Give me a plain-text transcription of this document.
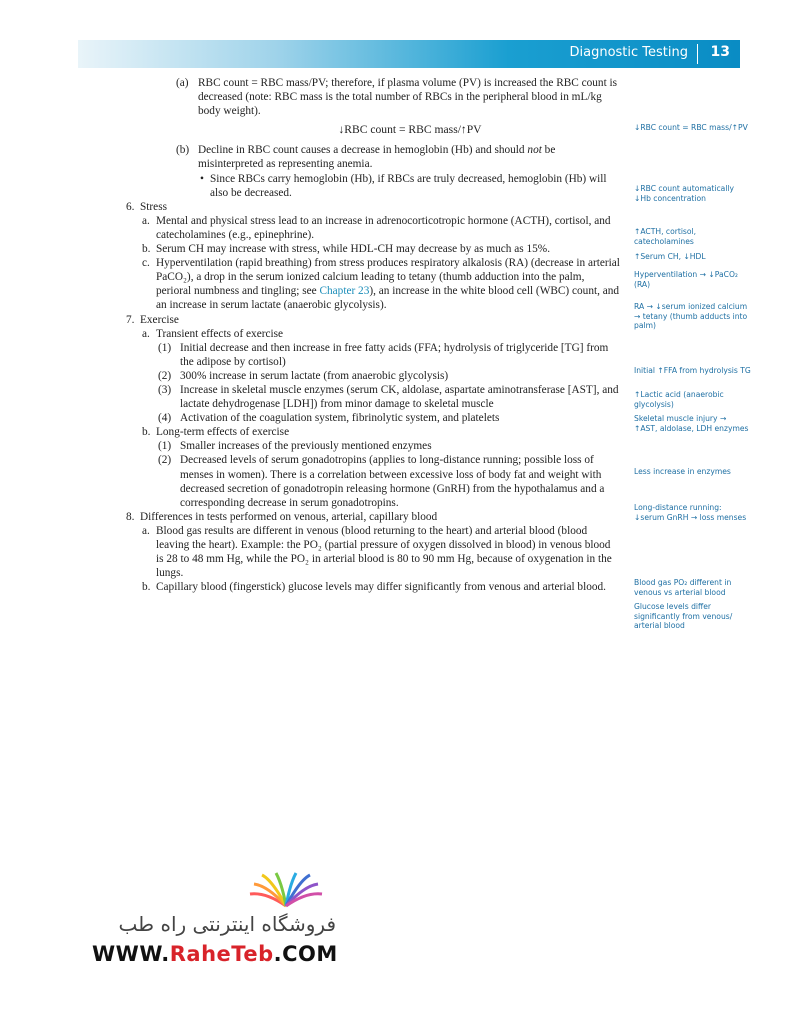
Diagnostic Testing 13
(a) RBC count = RBC mass/PV; therefore, if plasma volume (PV) is increased the RBC count is decreased (note: RBC mass is the total number of RBCs in the peripheral blood in mL/kg body weight).
↓RBC count = RBC mass/↑PV
(b) Decline in RBC count causes a decrease in hemoglobin (Hb) and should not be misinterpreted as representing anemia.
• Since RBCs carry hemoglobin (Hb), if RBCs are truly decreased, hemoglobin (Hb) will also be decreased.
6. Stress
a. Mental and physical stress lead to an increase in adrenocorticotropic hormone (ACTH), cortisol, and catecholamines (e.g., epinephrine).
b. Serum CH may increase with stress, while HDL-CH may decrease by as much as 15%.
c. Hyperventilation (rapid breathing) from stress produces respiratory alkalosis (RA) (decrease in arterial PaCO₂), a drop in the serum ionized calcium leading to tetany (thumb adduction into the palm, perioral numbness and tingling; see Chapter 23), an increase in the white blood cell (WBC) count, and an increase in serum lactate (anaerobic glycolysis).
7. Exercise
a. Transient effects of exercise
(1) Initial decrease and then increase in free fatty acids (FFA; hydrolysis of triglyceride [TG] from the adipose by cortisol)
(2) 300% increase in serum lactate (from anaerobic glycolysis)
(3) Increase in skeletal muscle enzymes (serum CK, aldolase, aspartate aminotransferase [AST], and lactate dehydrogenase [LDH]) from minor damage to skeletal muscle
(4) Activation of the coagulation system, fibrinolytic system, and platelets
b. Long-term effects of exercise
(1) Smaller increases of the previously mentioned enzymes
(2) Decreased levels of serum gonadotropins (applies to long-distance running; possible loss of menses in women). There is a correlation between excessive loss of body fat and weight with decreased secretion of gonadotropin releasing hormone (GnRH) from the hypothalamus and a corresponding decrease in serum gonadotropins.
8. Differences in tests performed on venous, arterial, capillary blood
a. Blood gas results are different in venous (blood returning to the heart) and arterial blood (blood leaving the heart). Example: the PO₂ (partial pressure of oxygen dissolved in blood) in venous blood is 28 to 48 mm Hg, while the PO₂ in arterial blood is 80 to 90 mm Hg, because of oxygenation in the lungs.
b. Capillary blood (fingerstick) glucose levels may differ significantly from venous and arterial blood.
↓RBC count = RBC mass/↑PV
↓RBC count automatically ↓Hb concentration
↑ACTH, cortisol, catecholamines
↑Serum CH, ↓HDL
Hyperventilation → ↓PaCO₂ (RA)
RA → ↓serum ionized calcium → tetany (thumb adducts into palm)
Initial ↑FFA from hydrolysis TG
↑Lactic acid (anaerobic glycolysis)
Skeletal muscle injury → ↑AST, aldolase, LDH enzymes
Less increase in enzymes
Long-distance running: ↓serum GnRH → loss menses
Blood gas PO₂ different in venous vs arterial blood
Glucose levels differ significantly from venous/ arterial blood
فروشگاه اینترنتی راه طب
WWW.RaheTeb.COM
